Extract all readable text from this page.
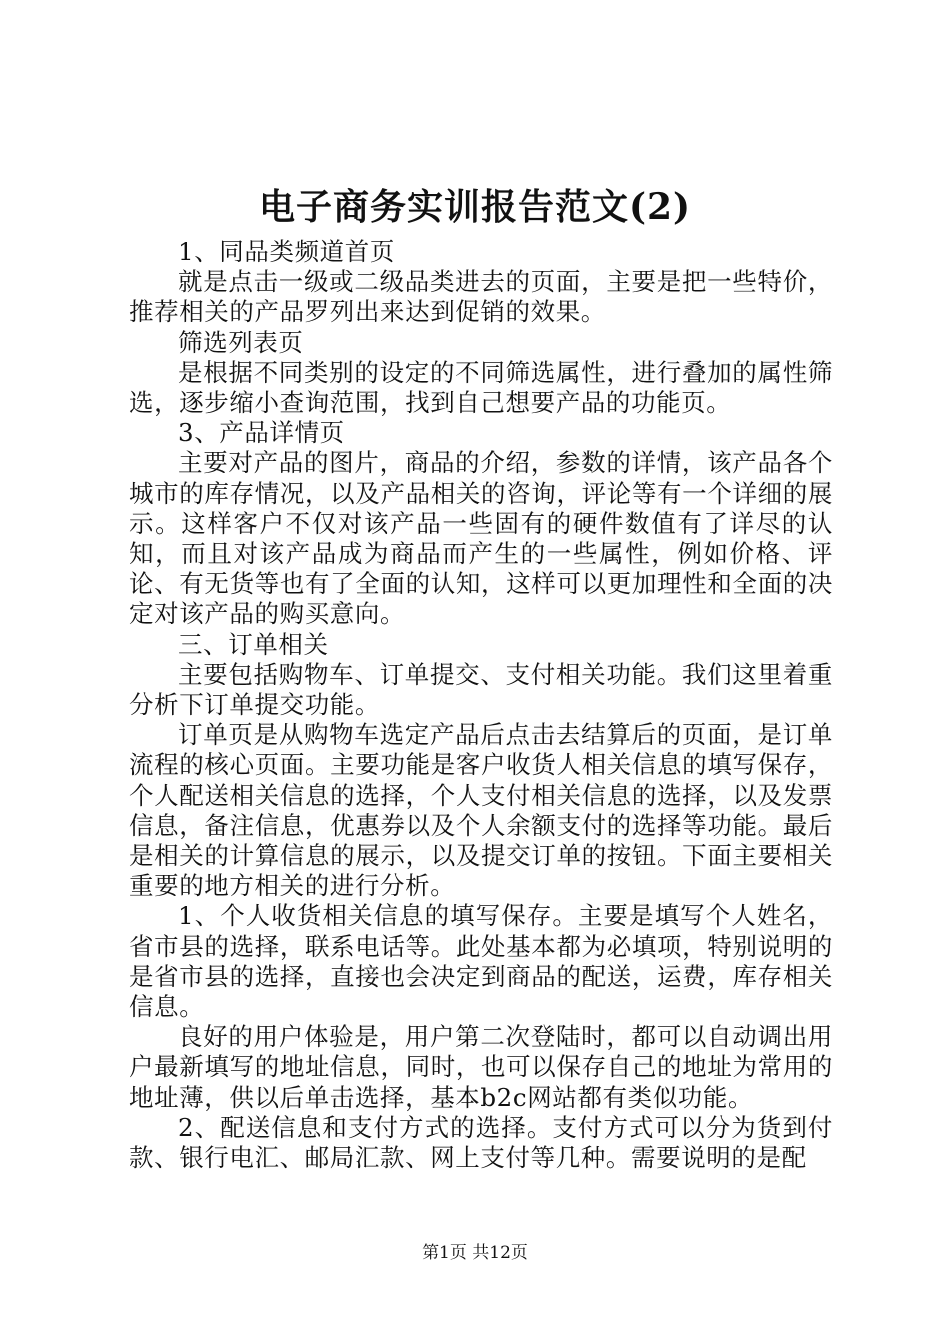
电子商务实训报告范文(2)

1、同品类频道首页

就是点击一级或二级品类进去的页面，主要是把一些特价，推荐相关的产品罗列出来达到促销的效果。

筛选列表页

是根据不同类别的设定的不同筛选属性，进行叠加的属性筛选，逐步缩小查询范围，找到自己想要产品的功能页。

3、产品详情页

主要对产品的图片，商品的介绍，参数的详情，该产品各个城市的库存情况，以及产品相关的咨询，评论等有一个详细的展示。这样客户不仅对该产品一些固有的硬件数值有了详尽的认知，而且对该产品成为商品而产生的一些属性，例如价格、评论、有无货等也有了全面的认知，这样可以更加理性和全面的决定对该产品的购买意向。

三、订单相关

主要包括购物车、订单提交、支付相关功能。我们这里着重分析下订单提交功能。

订单页是从购物车选定产品后点击去结算后的页面，是订单流程的核心页面。主要功能是客户收货人相关信息的填写保存，个人配送相关信息的选择，个人支付相关信息的选择，以及发票信息，备注信息，优惠券以及个人余额支付的选择等功能。最后是相关的计算信息的展示，以及提交订单的按钮。下面主要相关重要的地方相关的进行分析。

1、个人收货相关信息的填写保存。主要是填写个人姓名，省市县的选择，联系电话等。此处基本都为必填项，特别说明的是省市县的选择，直接也会决定到商品的配送，运费，库存相关信息。

良好的用户体验是，用户第二次登陆时，都可以自动调出用户最新填写的地址信息，同时，也可以保存自己的地址为常用的地址薄，供以后单击选择，基本b2c网站都有类似功能。

2、配送信息和支付方式的选择。支付方式可以分为货到付款、银行电汇、邮局汇款、网上支付等几种。需要说明的是配

第1页 共12页
